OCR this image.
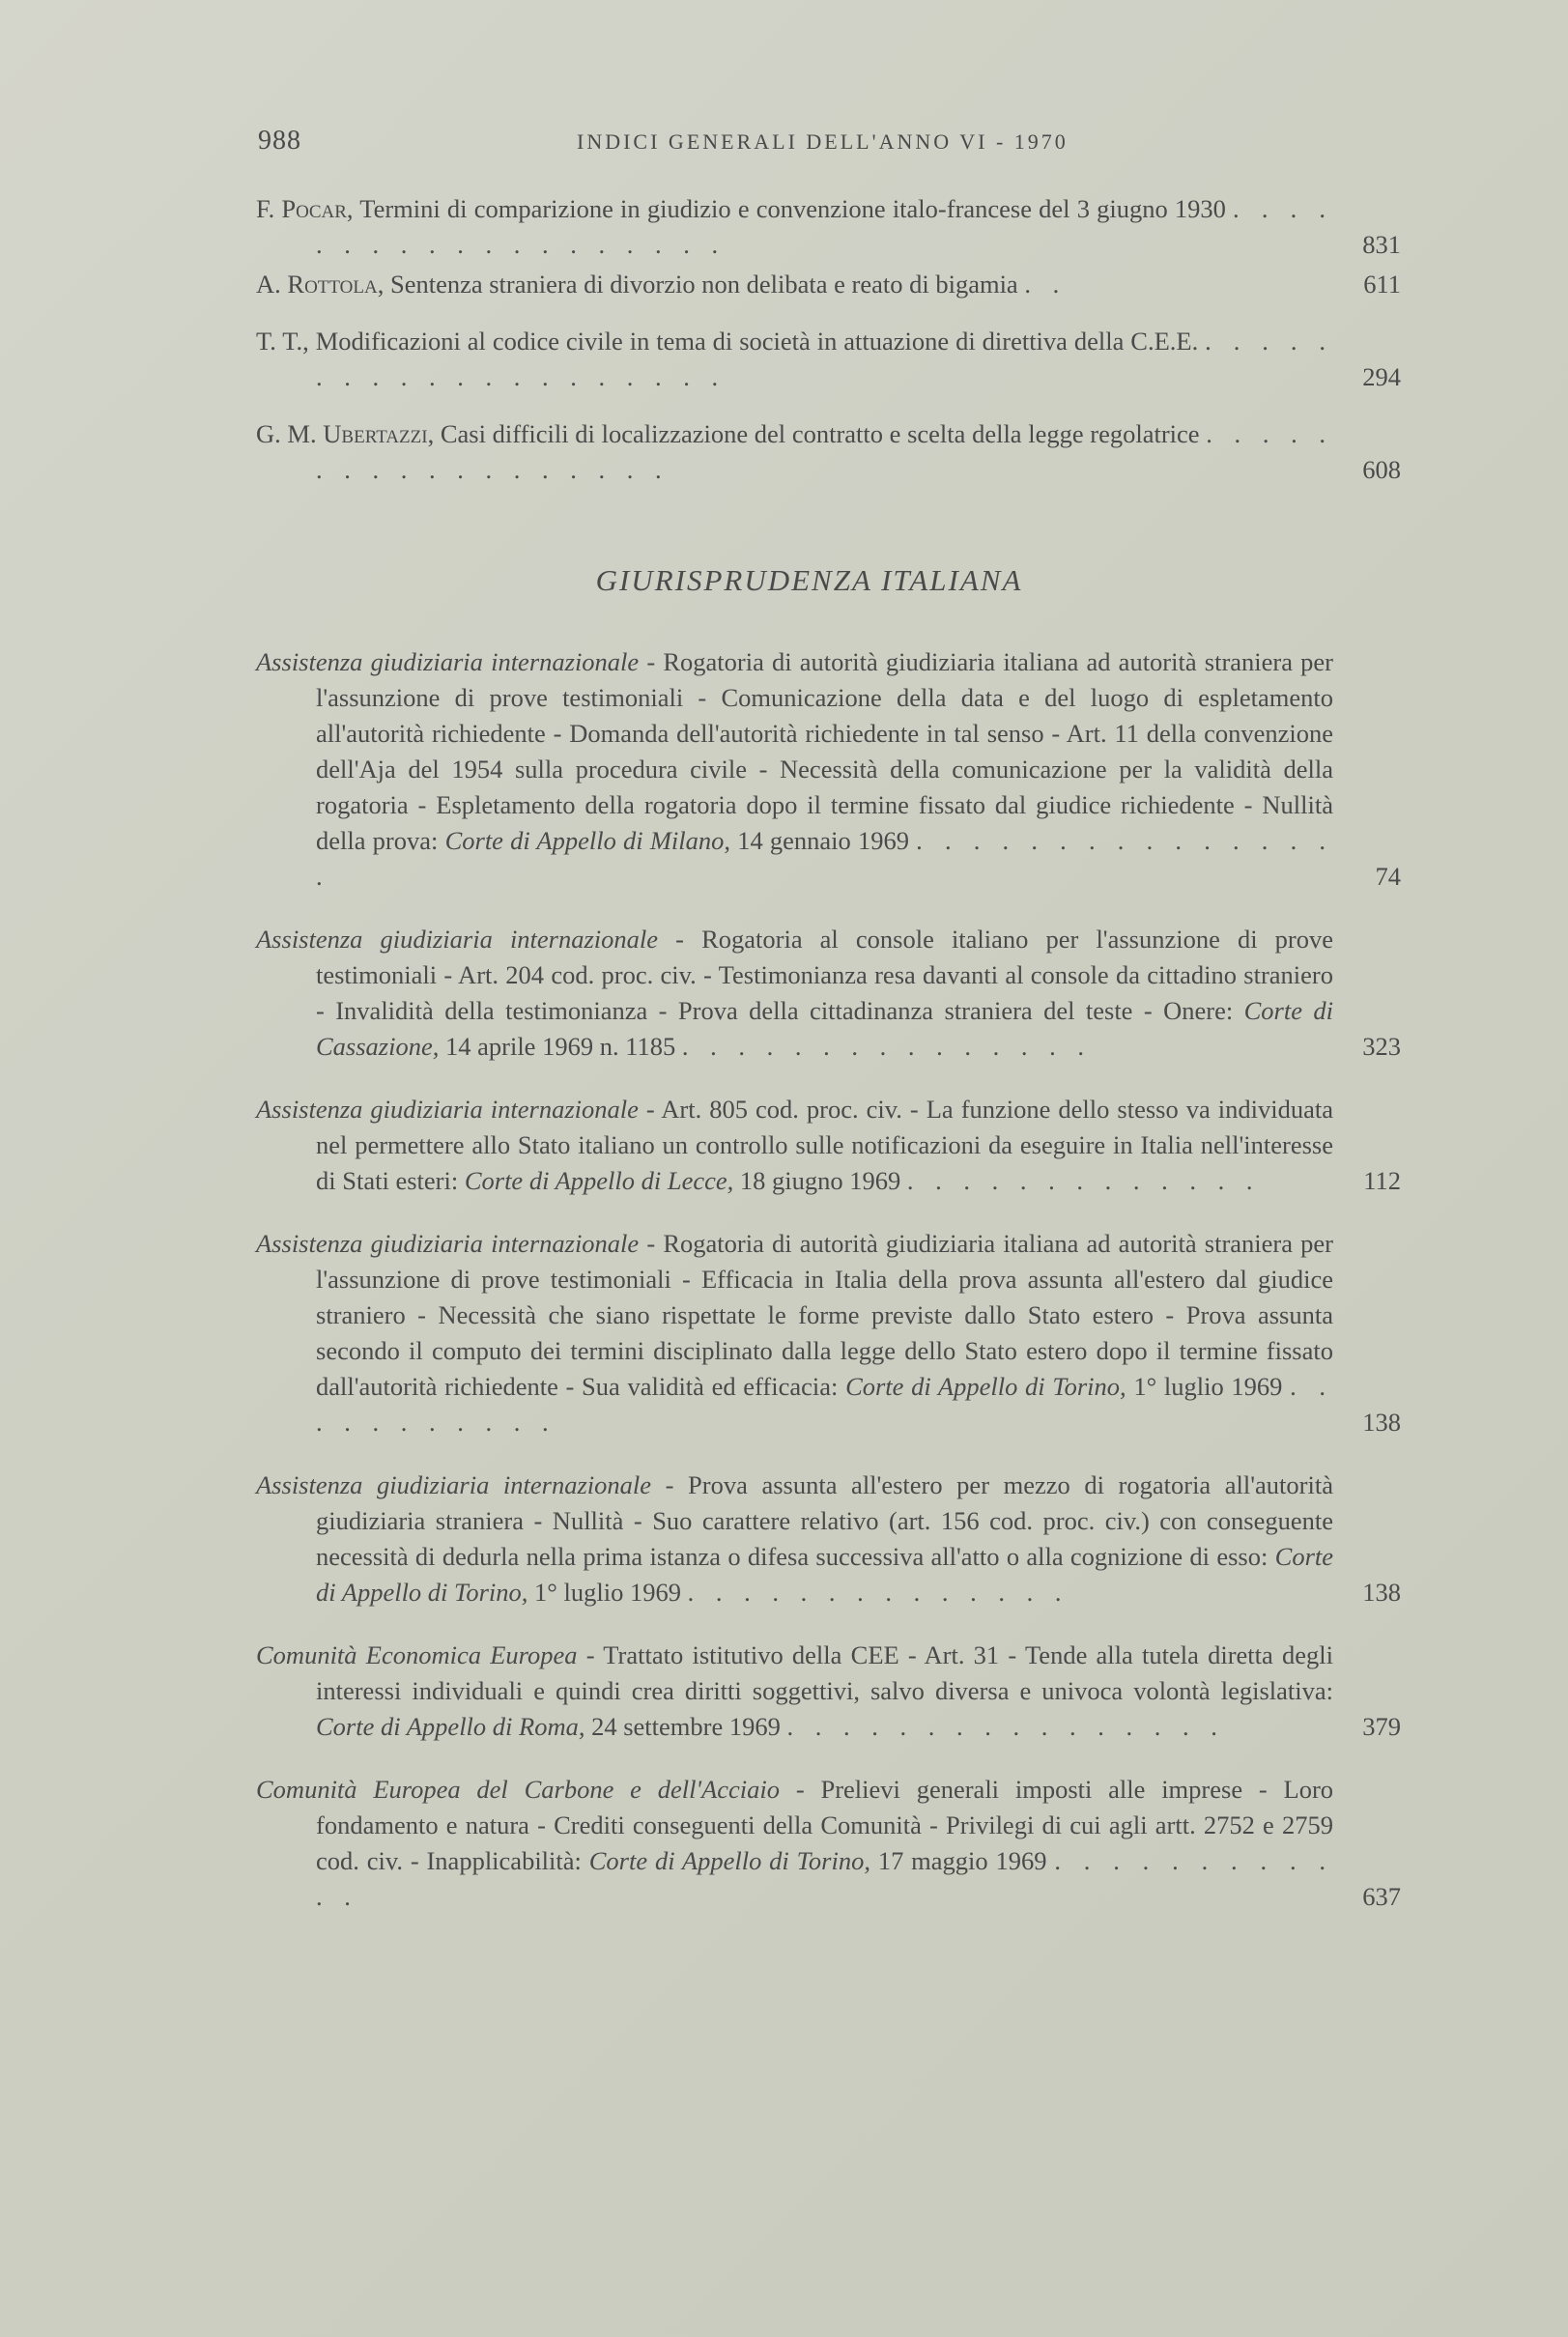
988	INDICI GENERALI DELL'ANNO VI - 1970
F. Pocar, Termini di comparizione in giudizio e convenzione italo-francese del 3 giugno 1930 . . . . . . . . . . . . . . . . . . .	831
A. Rottola, Sentenza straniera di divorzio non delibata e reato di bigamia . .	611
T. T., Modificazioni al codice civile in tema di società in attuazione di direttiva della C.E.E. . . . . . . . . . . . . . . . . . . . .	294
G. M. Ubertazzi, Casi difficili di localizzazione del contratto e scelta della legge regolatrice . . . . . . . . . . . . . . . . . .	608
GIURISPRUDENZA ITALIANA
Assistenza giudiziaria internazionale - Rogatoria di autorità giudiziaria italiana ad autorità straniera per l'assunzione di prove testimoniali - Comunicazione della data e del luogo di espletamento all'autorità richiedente - Domanda dell'autorità richiedente in tal senso - Art. 11 della convenzione dell'Aja del 1954 sulla procedura civile - Necessità della comunicazione per la validità della rogatoria - Espletamento della rogatoria dopo il termine fissato dal giudice richiedente - Nullità della prova: Corte di Appello di Milano, 14 gennaio 1969 . . . . . . . . . . . . . . . .	74
Assistenza giudiziaria internazionale - Rogatoria al console italiano per l'assunzione di prove testimoniali - Art. 204 cod. proc. civ. - Testimonianza resa davanti al console da cittadino straniero - Invalidità della testimonianza - Prova della cittadinanza straniera del teste - Onere: Corte di Cassazione, 14 aprile 1969 n. 1185 . . . . . . . . . . . . . . .	323
Assistenza giudiziaria internazionale - Art. 805 cod. proc. civ. - La funzione dello stesso va individuata nel permettere allo Stato italiano un controllo sulle notificazioni da eseguire in Italia nell'interesse di Stati esteri: Corte di Appello di Lecce, 18 giugno 1969 . . . . . . . . . . . . .	112
Assistenza giudiziaria internazionale - Rogatoria di autorità giudiziaria italiana ad autorità straniera per l'assunzione di prove testimoniali - Efficacia in Italia della prova assunta all'estero dal giudice straniero - Necessità che siano rispettate le forme previste dallo Stato estero - Prova assunta secondo il computo dei termini disciplinato dalla legge dello Stato estero dopo il termine fissato dall'autorità richiedente - Sua validità ed efficacia: Corte di Appello di Torino, 1° luglio 1969 . . . . . . . . . . .	138
Assistenza giudiziaria internazionale - Prova assunta all'estero per mezzo di rogatoria all'autorità giudiziaria straniera - Nullità - Suo carattere relativo (art. 156 cod. proc. civ.) con conseguente necessità di dedurla nella prima istanza o difesa successiva all'atto o alla cognizione di esso: Corte di Appello di Torino, 1° luglio 1969 . . . . . . . . . . . . . .	138
Comunità Economica Europea - Trattato istitutivo della CEE - Art. 31 - Tende alla tutela diretta degli interessi individuali e quindi crea diritti soggettivi, salvo diversa e univoca volontà legislativa: Corte di Appello di Roma, 24 settembre 1969 . . . . . . . . . . . . . . . .	379
Comunità Europea del Carbone e dell'Acciaio - Prelievi generali imposti alle imprese - Loro fondamento e natura - Crediti conseguenti della Comunità - Privilegi di cui agli artt. 2752 e 2759 cod. civ. - Inapplicabilità: Corte di Appello di Torino, 17 maggio 1969 . . . . . . . . . . . .	637
